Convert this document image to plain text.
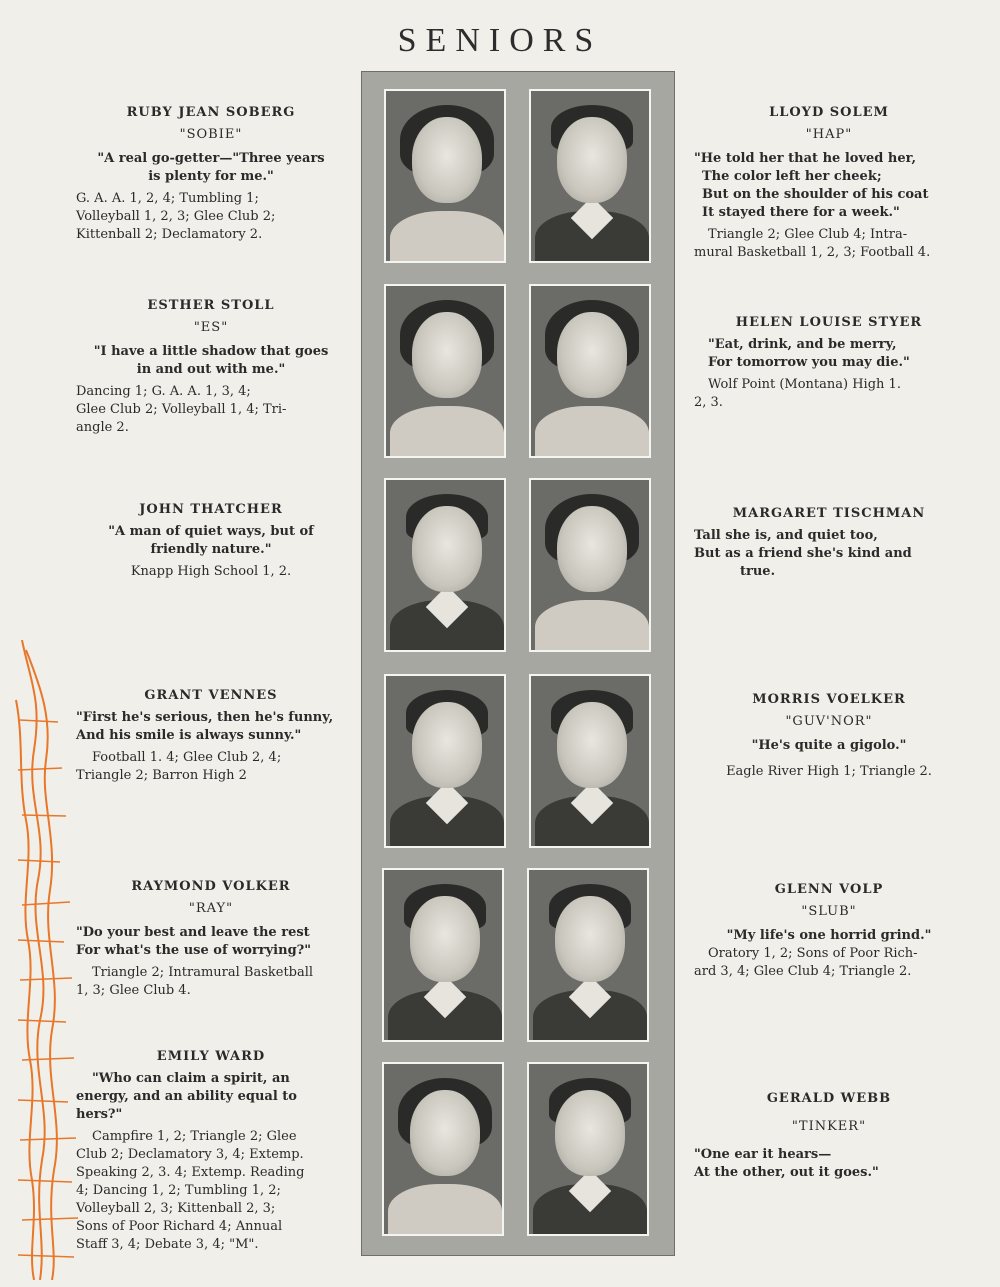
SENIORS
RUBY JEAN SOBERG
"SOBIE"
"A real go-getter—"Three years
is plenty for me."
G. A. A. 1, 2, 4; Tumbling 1;
Volleyball 1, 2, 3; Glee Club 2;
Kittenball 2; Declamatory 2.
ESTHER STOLL
"ES"
"I have a little shadow that goes
in and out with me."
Dancing 1; G. A. A. 1, 3, 4;
Glee Club 2; Volleyball 1, 4; Tri-
angle 2.
JOHN THATCHER
"A man of quiet ways, but of
friendly nature."
Knapp High School 1, 2.
GRANT VENNES
"First he's serious, then he's funny,
And his smile is always sunny."
Football 1. 4; Glee Club 2, 4;
Triangle 2; Barron High 2
RAYMOND VOLKER
"RAY"
"Do your best and leave the rest
For what's the use of worrying?"
Triangle 2; Intramural Basketball
1, 3; Glee Club 4.
EMILY WARD
"Who can claim a spirit, an
energy, and an ability equal to
hers?"
Campfire 1, 2; Triangle 2; Glee
Club 2; Declamatory 3, 4; Extemp.
Speaking 2, 3. 4; Extemp. Reading
4; Dancing 1, 2; Tumbling 1, 2;
Volleyball 2, 3; Kittenball 2, 3;
Sons of Poor Richard 4; Annual
Staff 3, 4; Debate 3, 4; "M".
LLOYD SOLEM
"HAP"
"He told her that he loved her,
The color left her cheek;
But on the shoulder of his coat
It stayed there for a week."
Triangle 2; Glee Club 4; Intra-
mural Basketball 1, 2, 3; Football 4.
HELEN LOUISE STYER
"Eat, drink, and be merry,
For tomorrow you may die."
Wolf Point (Montana) High 1.
2, 3.
MARGARET TISCHMAN
Tall she is, and quiet too,
But as a friend she's kind and
true.
MORRIS VOELKER
"GUV'NOR"
"He's quite a gigolo."
Eagle River High 1; Triangle 2.
GLENN VOLP
"SLUB"
"My life's one horrid grind."
Oratory 1, 2; Sons of Poor Rich-
ard 3, 4; Glee Club 4; Triangle 2.
GERALD WEBB
"TINKER"
"One ear it hears—
At the other, out it goes."
